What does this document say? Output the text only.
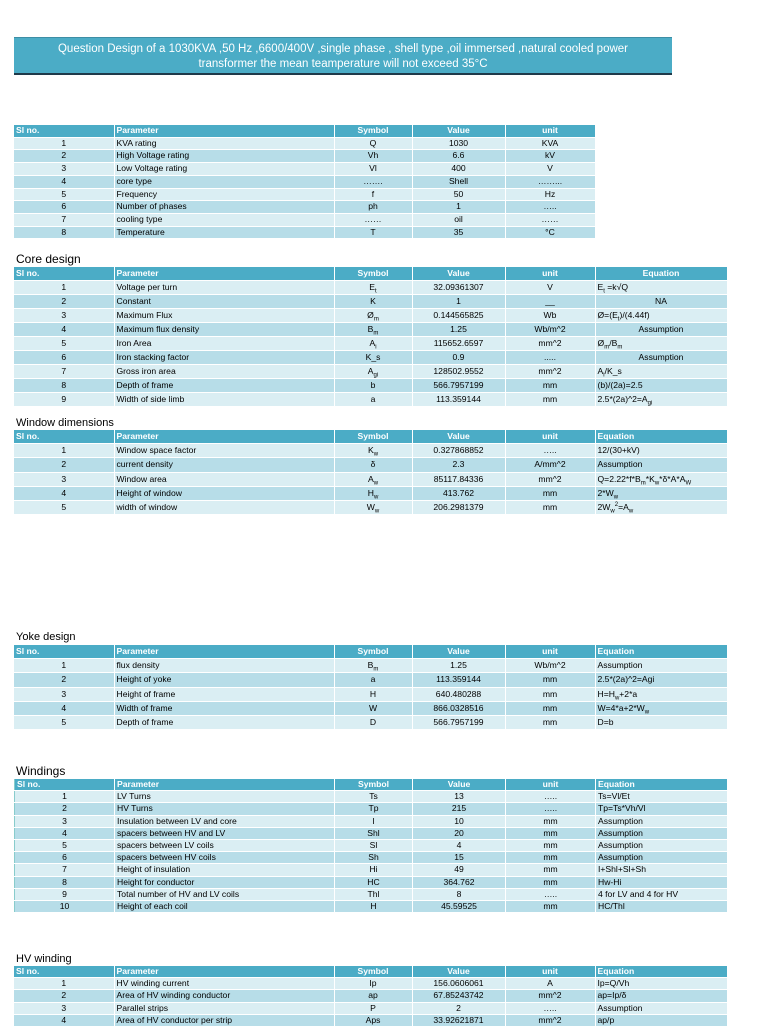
Question Design of a 1030KVA ,50 Hz ,6600/400V ,single phase , shell type ,oil immersed ,natural cooled power
transformer the mean teamperature will not exceed 35°C
Sl no.	Parameter	Symbol	Value	unit
1	KVA rating	Q	1030	KVA
2	High Voltage rating	Vh	6.6	kV
3	Low Voltage rating	Vl	400	V
4	core type	…….	Shell	……...
5	Frequency	f	50	Hz
6	Number of phases	ph	1	…..
7	cooling type	……	oil	……
8	Temperature	T	35	°C
Core design
Sl no.	Parameter	Symbol	Value	unit	Equation
1	Voltage per turn	$E_t$	32.09361307	V	$E_t =k√Q$
2	Constant	K	1	__	NA
3	Maximum Flux	$Ø_m$	0.144565825	Wb	$Ø=(E_t)/(4.44f)$
4	Maximum flux density	$B_m$	1.25	Wb/m^2	Assumption
5	Iron Area	$A_i$	115652.6597	mm^2	$Ø_m/B_m$
6	Iron stacking factor	K_s	0.9	.....	Assumption
7	Gross iron area	$A_{gi}$	128502.9552	mm^2	$A_i/K\_s$
8	Depth of frame	b	566.7957199	mm	(b)/(2a)=2.5
9	Width of side limb	a	113.359144	mm	$2.5*(2a)\^{}2=A_{gi}$
Window dimensions
Sl no.	Parameter	Symbol	Value	unit	Equation
1	Window space factor	$K_w$	0.327868852	…..	12/(30+kV)
2	current density	δ	2.3	A/mm^2	Assumption
3	Window area	$A_w$	85117.84336	mm^2	$Q=2.22*f*B_m*K_w*\delta*A*A_W$
4	Height of window	$H_w$	413.762	mm	$2*W_w$
5	width of window	$W_w$	206.2981379	mm	$2W_w^2=A_w$
Yoke design
Sl no.	Parameter	Symbol	Value	unit	Equation
1	flux density	$B_m$	1.25	Wb/m^2	Assumption
2	Height of yoke	a	113.359144	mm	2.5*(2a)^2=Agi
3	Height of frame	H	640.480288	mm	$H=H_w+2*a$
4	Width of frame	W	866.0328516	mm	$W=4*a+2*W_w$
5	Depth of frame	D	566.7957199	mm	D=b
Windings
Sl no.	Parameter	Symbol	Value	unit	Equation
1	LV Turns	Ts	13	…..	Ts=Vl/Et
2	HV Turns	Tp	215	…..	Tp=Ts*Vh/Vl
3	Insulation between LV and core	I	10	mm	Assumption
4	spacers between HV and LV	Shl	20	mm	Assumption
5	spacers between LV coils	Sl	4	mm	Assumption
6	spacers between HV coils	Sh	15	mm	Assumption
7	Height of insulation	Hi	49	mm	I+Shl+Sl+Sh
8	Height for conductor	HC	364.762	mm	Hw-Hi
9	Total number of HV and LV coils	Thl	8	…..	4 for LV and 4 for HV
10	Height of each coil	H	45.59525	mm	HC/Thl
HV winding
Sl no.	Parameter	Symbol	Value	unit	Equation
1	HV winding current	Ip	156.0606061	A	Ip=Q/Vh
2	Area of HV winding conductor	ap	67.85243742	mm^2	ap=Ip/δ
3	Parallel strips	P	2	…..	Assumption
4	Area of HV conductor per strip	Aps	33.92621871	mm^2	ap/p
